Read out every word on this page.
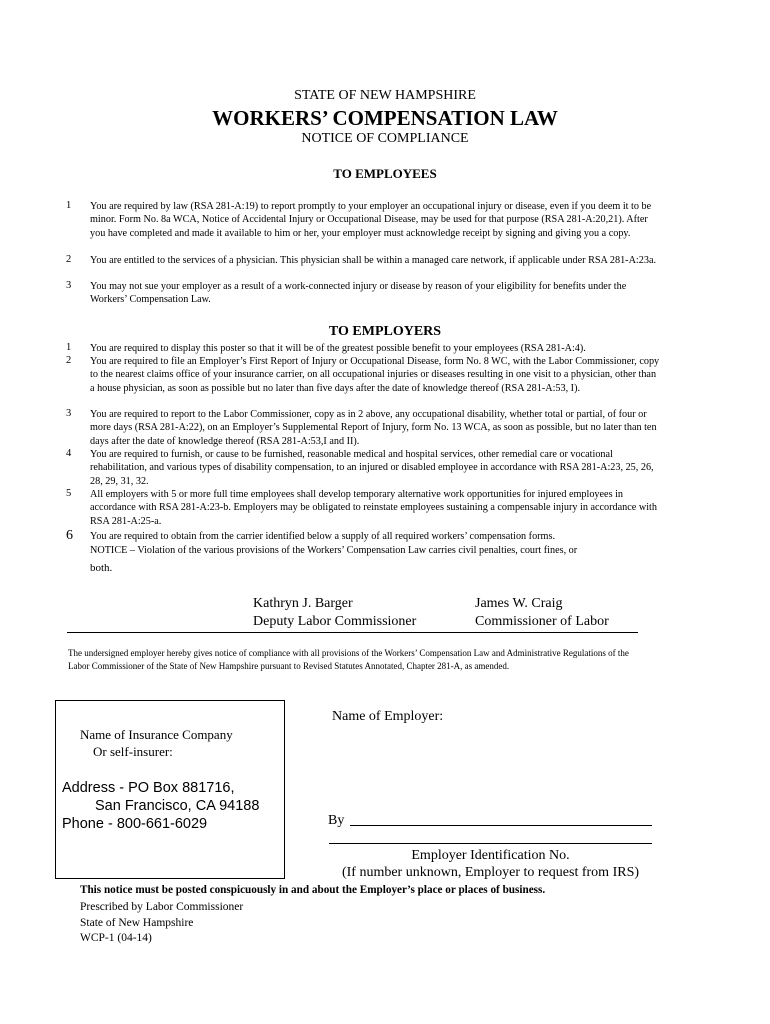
STATE OF NEW HAMPSHIRE
WORKERS’ COMPENSATION LAW
NOTICE OF COMPLIANCE
TO EMPLOYEES
1 You are required by law (RSA 281-A:19) to report promptly to your employer an occupational injury or disease, even if you deem it to be minor. Form No. 8a WCA, Notice of Accidental Injury or Occupational Disease, may be used for that purpose (RSA 281-A:20,21). After you have completed and made it available to him or her, your employer must acknowledge receipt by signing and giving you a copy.
2 You are entitled to the services of a physician. This physician shall be within a managed care network, if applicable under RSA 281-A:23a.
3 You may not sue your employer as a result of a work-connected injury or disease by reason of your eligibility for benefits under the Workers’ Compensation Law.
TO EMPLOYERS
1 You are required to display this poster so that it will be of the greatest possible benefit to your employees (RSA 281-A:4).
2 You are required to file an Employer’s First Report of Injury or Occupational Disease, form No. 8 WC, with the Labor Commissioner, copy to the nearest claims office of your insurance carrier, on all occupational injuries or diseases resulting in one visit to a physician, other than a house physician, as soon as possible but no later than five days after the date of knowledge thereof (RSA 281-A:53, I).
3 You are required to report to the Labor Commissioner, copy as in 2 above, any occupational disability, whether total or partial, of four or more days (RSA 281-A:22), on an Employer’s Supplemental Report of Injury, form No. 13 WCA, as soon as possible, but no later than ten days after the date of knowledge thereof (RSA 281-A:53,I and II).
4 You are required to furnish, or cause to be furnished, reasonable medical and hospital services, other remedial care or vocational rehabilitation, and various types of disability compensation, to an injured or disabled employee in accordance with RSA 281-A:23, 25, 26, 28, 29, 31, 32.
5 All employers with 5 or more full time employees shall develop temporary alternative work opportunities for injured employees in accordance with RSA 281-A:23-b. Employers may be obligated to reinstate employees sustaining a compensable injury in accordance with RSA 281-A:25-a.
6 You are required to obtain from the carrier identified below a supply of all required workers’ compensation forms.
NOTICE – Violation of the various provisions of the Workers’ Compensation Law carries civil penalties, court fines, or
both.
Kathryn J. Barger
Deputy Labor Commissioner
James W. Craig
Commissioner of Labor
The undersigned employer hereby gives notice of compliance with all provisions of the Workers’ Compensation Law and Administrative Regulations of the Labor Commissioner of the State of New Hampshire pursuant to Revised Statutes Annotated, Chapter 281-A, as amended.
Name of Insurance Company
Or self-insurer:
Address - PO Box 881716,
San Francisco, CA 94188
Phone - 800-661-6029
Name of Employer:
By
Employer Identification No.
(If number unknown, Employer to request from IRS)
This notice must be posted conspicuously in and about the Employer’s place or places of business.
Prescribed by Labor Commissioner
State of New Hampshire
WCP-1 (04-14)
